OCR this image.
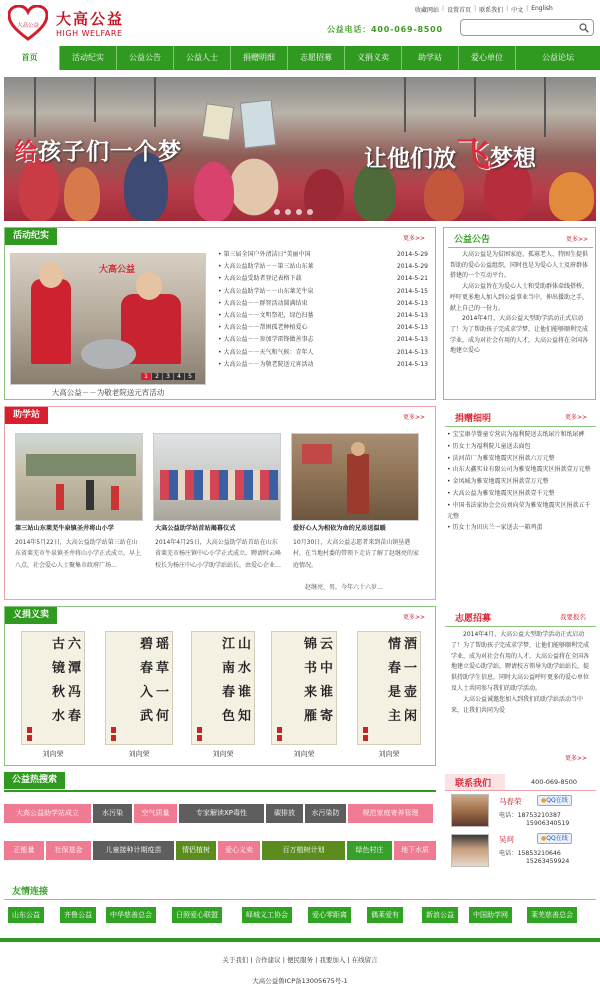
大高公益 大高公益
HIGH WELFARE
收藏网站 | 设置首页 | 联系我们 | 中文 | English
公益电话：400-069-8500
首页	活动纪实	公益公告	公益人士	捐赠明细	志愿招募	义捐义卖	助学站	爱心单位	公益论坛
给孩子们一个梦	让他们放飞梦想
活动纪实	更多>>
大高公益
1	2	3	4	5
大高公益－－为敬老院送元宵活动
• 第三届全国户外清洁日“美丽中国	2014-5-29
• 大高公益助学站－－第三站山东莱	2014-5-29
• 大高公益受助者登记表格下载	2014-5-21
• 大高公益助学站－－山东莱芜牛泉	2014-5-15
• 大高公益－－群智活动圆满结束	2014-5-13
• 大高公益－－文明祭祀，绿色扫墓	2014-5-13
• 大高公益－－帮困孤老种植爱心	2014-5-13
• 大高公益－－参加学雷锋做善事志	2014-5-13
• 大高公益－－天气和气候：青年人	2014-5-13
• 大高公益－－为敬老院送元宵活动	2014-5-13
公益公告	更多>>

大高公益是为贫困家庭、孤寡老人、特困生提供帮助的爱心公益组织，同时也是为爱心人士及府群体搭建的一个互动平台。

大高公益旨在为爱心人士和受助群体牵线搭桥，呼吁更多地人加入到公益事业当中，伸出援助之手，献上自己的一份力。

2014年4月，大高公益大型助学活动正式启动了！为了帮助孩子完成求学梦，让他们能够顺利完成学业，成为对社会有用的人才，大高公益将在全国各地建立爱心

助学站	更多>>
第三站山东莱芜牛泉镇圣井将山小学
2014年5月22日，大高公益助学站第三站在山东省莱芜市牛泉镇圣井将山小学正式成立。早上八点，社会爱心人士聚集市政府广场…
大高公益助学站首站揭幕仪式
2014年4月25日，大高公益助学站首站在山东省莱芜市杨庄镇中心小学正式成立，聘请时云峰校长为杨庄中心小学助学站站长，由爱心企业…
爱好心人为相依为命的兄弟送温暖
10月30日，大高公益志愿者来到苗山镇垦港村，在当地村委的带领下走访了解了赵继亮的家庭情况。
赵继亮，男，今年六十六岁…
捐赠细明	更多>>
• 宝宝康孕婴童专营店为福利院送去纸尿片和纸尿裤
• 历女士为福利院儿童送去面包
• 沃河苗厂为雅安地震灾区捐款六万元整
• 山东大鑫实业有限公司为雅安地震灾区捐款壹万元整
• 金凤城为雅安地震灾区捐款壹万元整
• 大高公益为雅安地震灾区捐款壹千元整
• 中国书法家协会会员刘向荣为雅安地震灾区捐款五千元整
• 历女士为田庆兰一家送去一箱鸡蛋
义捐义卖	更多>>
六
潭
冯
春
古
镜
秋
水
刘向荣
瑶
草
一
何
碧
春
入
武
刘向荣
山
水
谁
知
江
南
春
色
刘向荣
云
中
谁
寄
锦
书
来
雁
刘向荣
酒
一
壶
闲
情
春
是
主
刘向荣
志愿招募	我要报名

2014年4月，大高公益大型助学活动正式启动了！为了帮助孩子完成求学梦，让他们能够顺利完成学业，成为对社会有用的人才，大高公益将在全国各地建立爱心助学站，聘请校方领导为助学站站长，提供持助学生信息，同时大高公益呼吁更多的爱心单位及人士共同参与我们的助学活动。

大高公益诚邀您加入到我们的助学站活动当中来，让我们共同为爱

更多>>
公益热搜索
大高公益助学站成立	水污染	空气质量	专家解读XP毒性	碳排放	水污染防	规范家庭寄养管理
正能量	社保基金	儿童接种计期疫苗	情侣植树	爱心义卖	百万植树计划	绿色村庄	地下水质
联系我们	400-069-8500
马春荣	●QQ在线
电话：18753210387
15906340519
吴珂	●QQ在线
电话：15853210646
15263459924
友情连接
山东公益	齐鲁公益	中华慈善总会	日照爱心联盟	峄城义工协会	爱心零距离	偶莱爱有	新浪公益	中国助学网	莱芜慈善总会
关于我们 | 合作建议 | 便民服务 | 我要加入 | 在线留言
大高公益鲁ICP备13005675号-1
